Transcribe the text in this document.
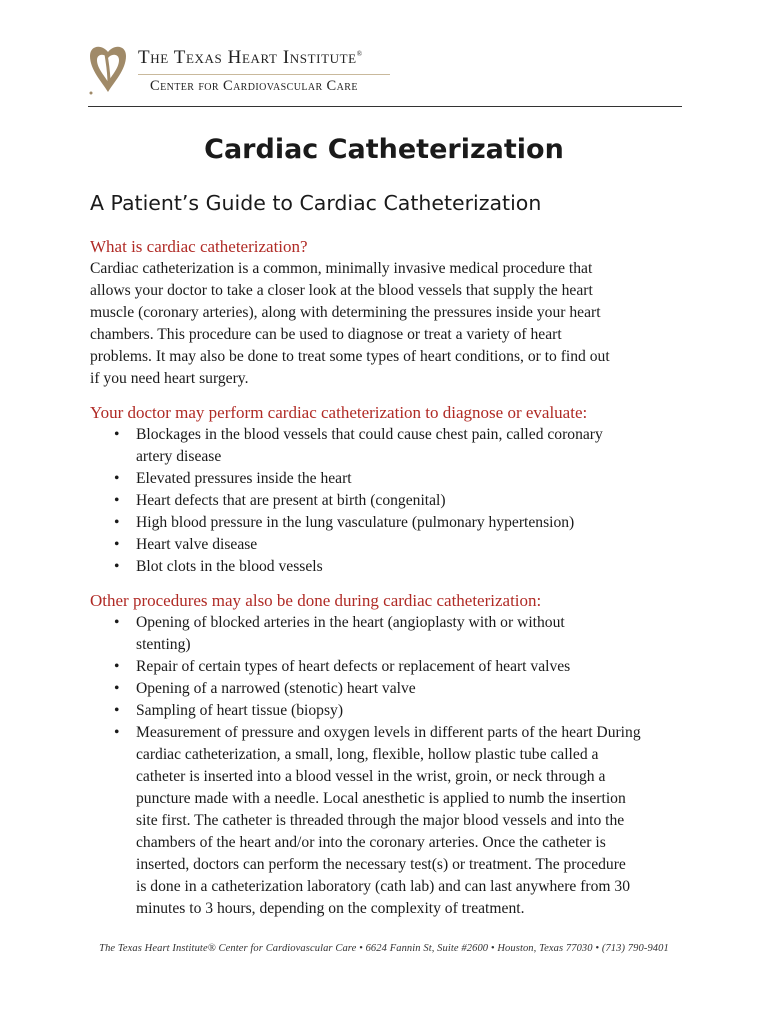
The Texas Heart Institute®
Center for Cardiovascular Care
Cardiac Catheterization
A Patient’s Guide to Cardiac Catheterization
What is cardiac catheterization?
Cardiac catheterization is a common, minimally invasive medical procedure that
allows your doctor to take a closer look at the blood vessels that supply the heart
muscle (coronary arteries), along with determining the pressures inside your heart
chambers. This procedure can be used to diagnose or treat a variety of heart
problems. It may also be done to treat some types of heart conditions, or to find out
if you need heart surgery.
Your doctor may perform cardiac catheterization to diagnose or evaluate:
• Blockages in the blood vessels that could cause chest pain, called coronary
artery disease
• Elevated pressures inside the heart
• Heart defects that are present at birth (congenital)
• High blood pressure in the lung vasculature (pulmonary hypertension)
• Heart valve disease
• Blot clots in the blood vessels
Other procedures may also be done during cardiac catheterization:
• Opening of blocked arteries in the heart (angioplasty with or without
stenting)
• Repair of certain types of heart defects or replacement of heart valves
• Opening of a narrowed (stenotic) heart valve
• Sampling of heart tissue (biopsy)
• Measurement of pressure and oxygen levels in different parts of the heart During
cardiac catheterization, a small, long, flexible, hollow plastic tube called a
catheter is inserted into a blood vessel in the wrist, groin, or neck through a
puncture made with a needle. Local anesthetic is applied to numb the insertion
site first. The catheter is threaded through the major blood vessels and into the
chambers of the heart and/or into the coronary arteries. Once the catheter is
inserted, doctors can perform the necessary test(s) or treatment. The procedure
is done in a catheterization laboratory (cath lab) and can last anywhere from 30
minutes to 3 hours, depending on the complexity of treatment.
The Texas Heart Institute® Center for Cardiovascular Care • 6624 Fannin St, Suite #2600 • Houston, Texas 77030 • (713) 790-9401
